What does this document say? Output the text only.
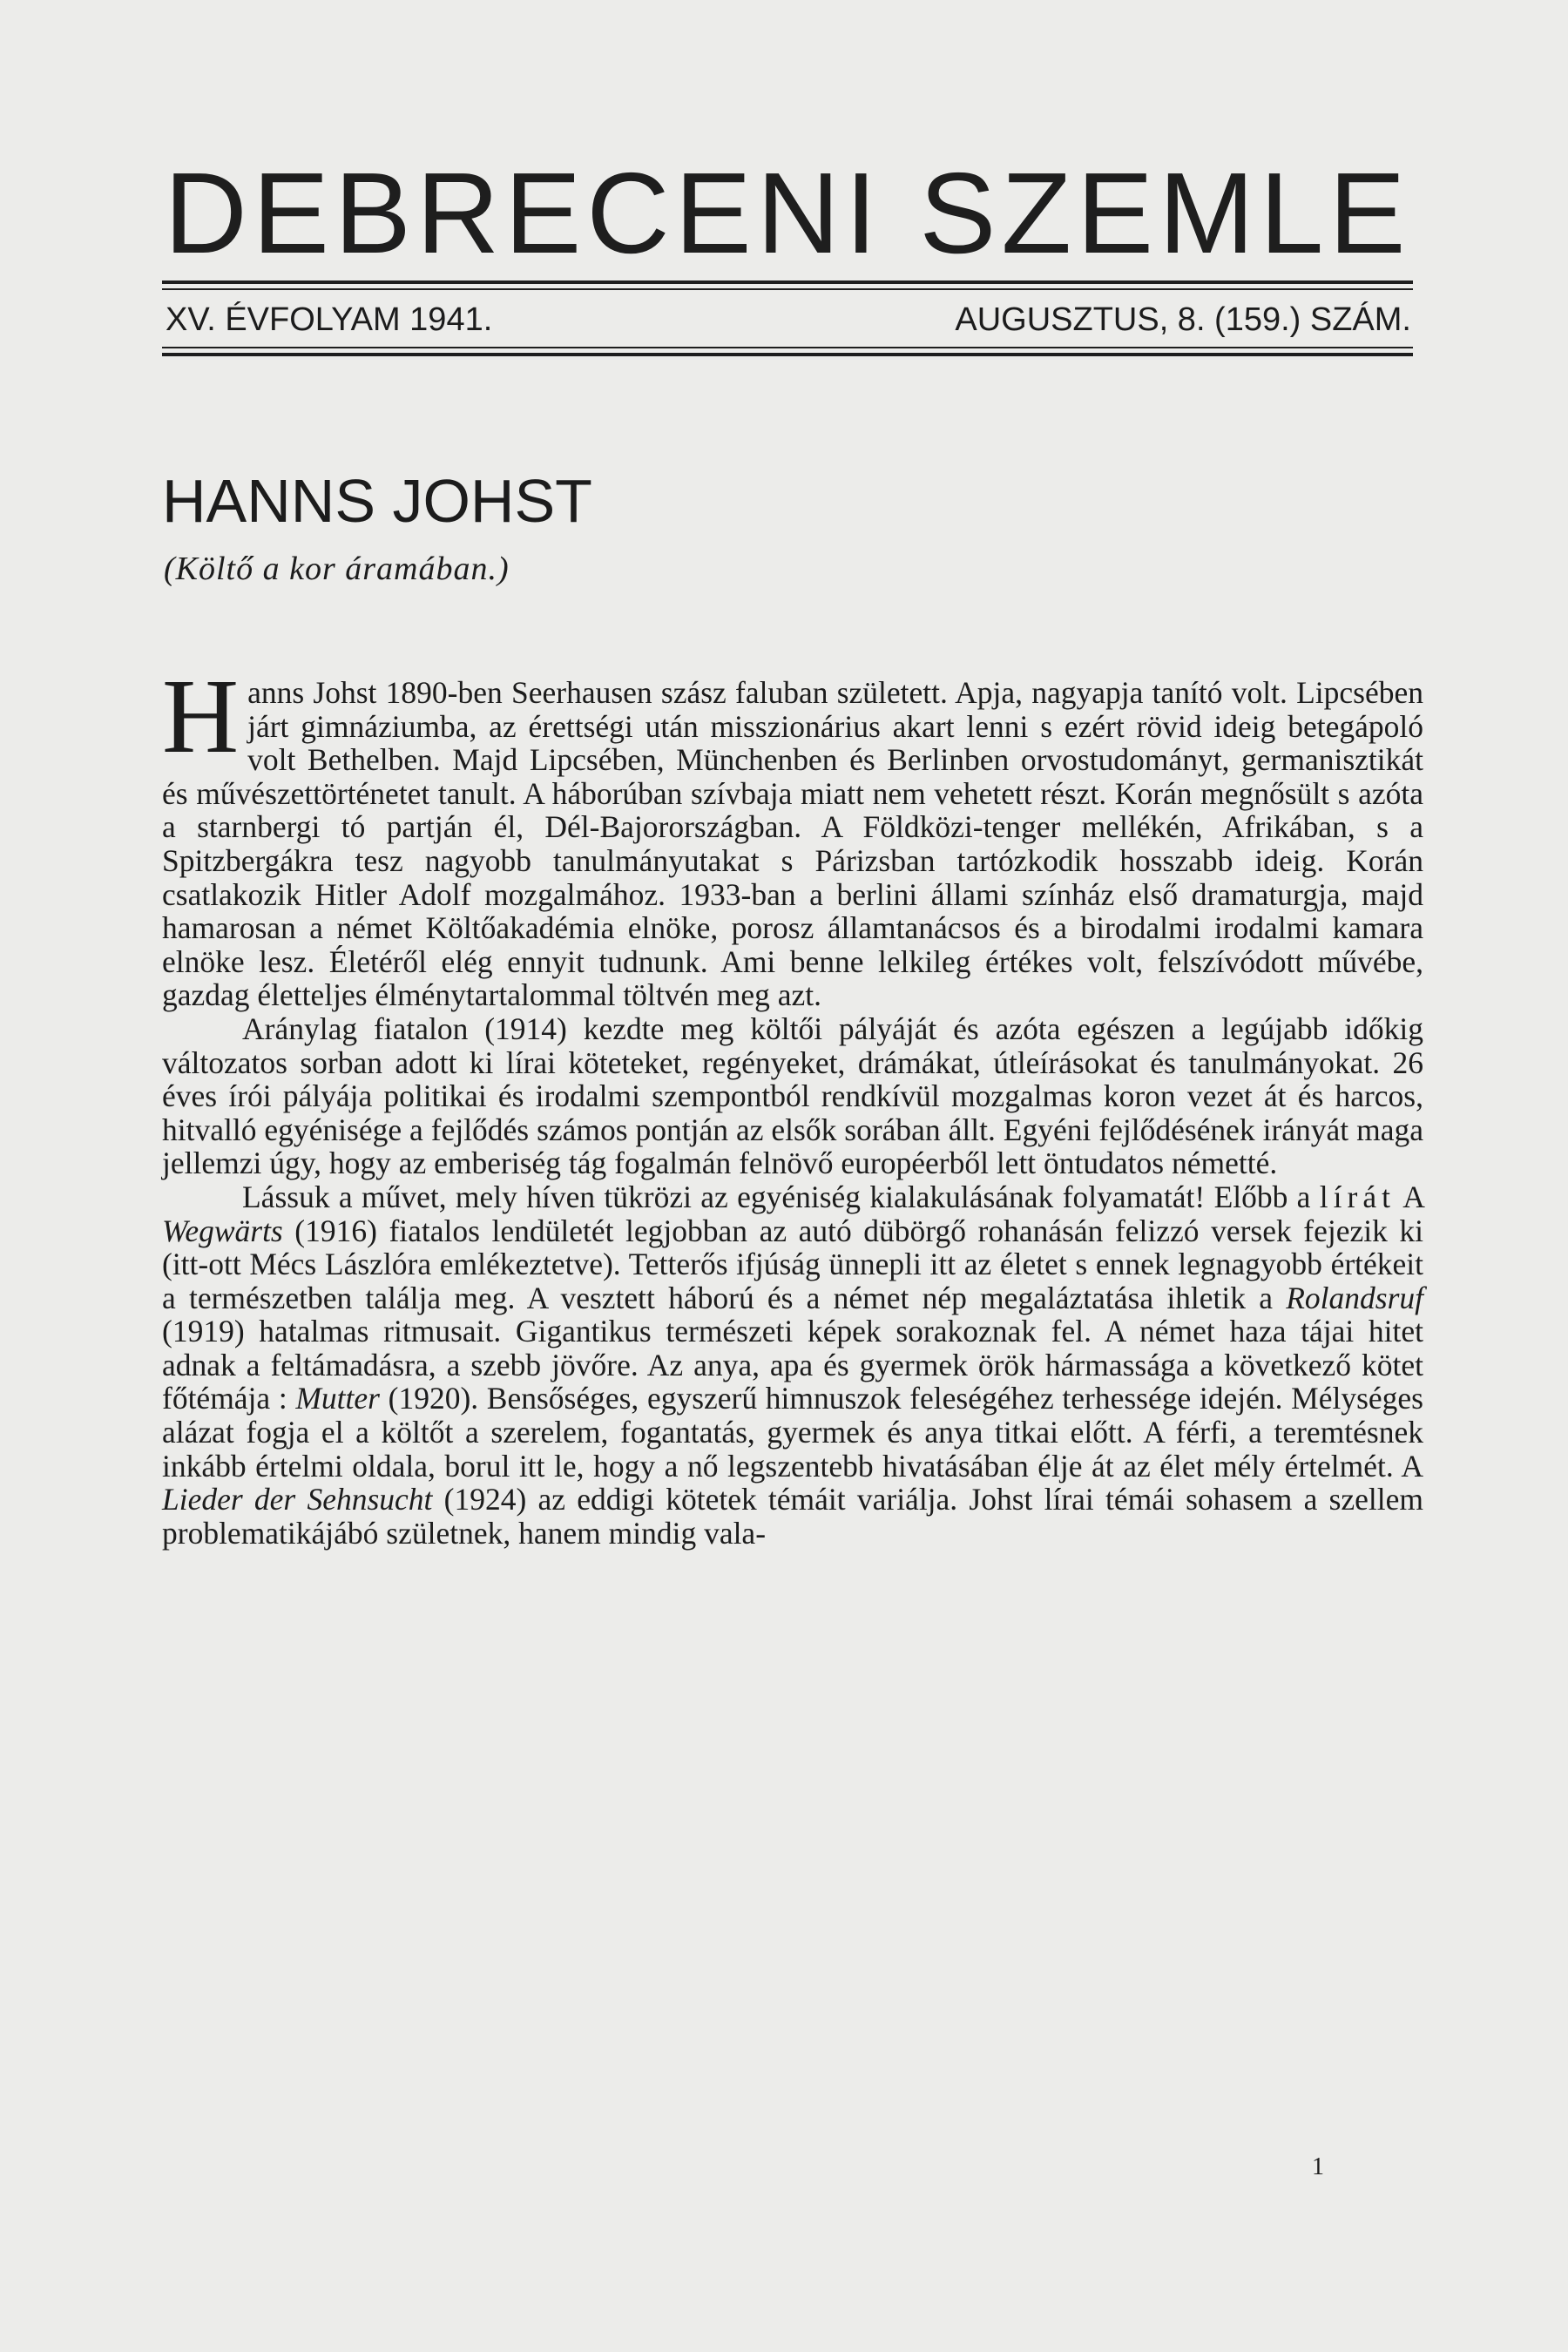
DEBRECENI SZEMLE
XV. ÉVFOLYAM 1941.	AUGUSZTUS, 8. (159.) SZÁM.
HANNS JOHST
(Költő a kor áramában.)

Hanns Johst 1890-ben Seerhausen szász faluban született. Apja, nagyapja tanító volt. Lipcsében járt gimnáziumba, az érettségi után misszionárius akart lenni s ezért rövid ideig betegápoló volt Bethelben. Majd Lipcsében, Münchenben és Berlinben orvostudományt, germanisztikát és művészettörténetet tanult. A háborúban szívbaja miatt nem vehetett részt. Korán megnősült s azóta a starnbergi tó partján él, Dél-Bajorországban. A Földközi-tenger mellékén, Afrikában, s a Spitzbergákra tesz nagyobb tanulmányutakat s Párizsban tartózkodik hosszabb ideig. Korán csatlakozik Hitler Adolf mozgalmához. 1933-ban a berlini állami színház első dramaturgja, majd hamarosan a német Költőakadémia elnöke, porosz államtanácsos és a birodalmi irodalmi kamara elnöke lesz. Életéről elég ennyit tudnunk. Ami benne lelkileg értékes volt, felszívódott művébe, gazdag életteljes élménytartalommal töltvén meg azt.

Aránylag fiatalon (1914) kezdte meg költői pályáját és azóta egészen a legújabb időkig változatos sorban adott ki lírai köteteket, regényeket, drámákat, útleírásokat és tanulmányokat. 26 éves írói pályája politikai és irodalmi szempontból rendkívül mozgalmas koron vezet át és harcos, hitvalló egyénisége a fejlődés számos pontján az elsők sorában állt. Egyéni fejlődésének irányát maga jellemzi úgy, hogy az emberiség tág fogalmán felnövő européerből lett öntudatos németté.

Lássuk a művet, mely híven tükrözi az egyéniség kialakulásának folyamatát! Előbb a lírát A Wegwärts (1916) fiatalos lendületét legjobban az autó dübörgő rohanásán felizzó versek fejezik ki (itt-ott Mécs Lászlóra emlékeztetve). Tetterős ifjúság ünnepli itt az életet s ennek legnagyobb értékeit a természetben találja meg. A vesztett háború és a német nép megaláztatása ihletik a Rolandsruf (1919) hatalmas ritmusait. Gigantikus természeti képek sorakoznak fel. A német haza tájai hitet adnak a feltámadásra, a szebb jövőre. Az anya, apa és gyermek örök hármassága a következő kötet főtémája : Mutter (1920). Bensőséges, egyszerű himnuszok feleségéhez terhessége idején. Mélységes alázat fogja el a költőt a szerelem, fogantatás, gyermek és anya titkai előtt. A férfi, a teremtésnek inkább értelmi oldala, borul itt le, hogy a nő legszentebb hivatásában élje át az élet mély értelmét. A Lieder der Sehnsucht (1924) az eddigi kötetek témáit variálja. Johst lírai témái sohasem a szellem problematikájábó születnek, hanem mindig vala-

1
